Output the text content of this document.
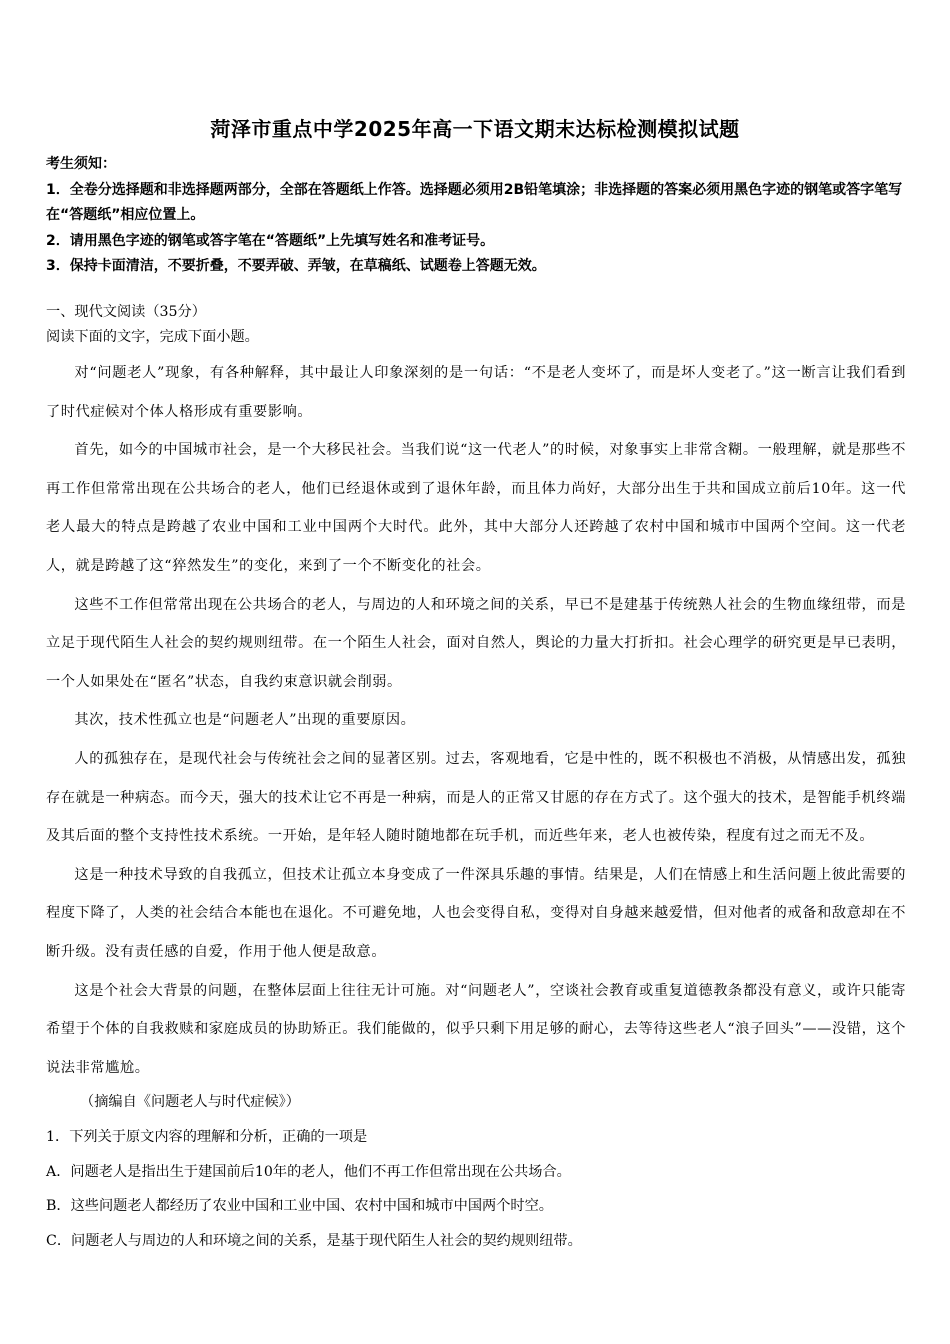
菏泽市重点中学2025年高一下语文期末达标检测模拟试题
考生须知：
1．全卷分选择题和非选择题两部分，全部在答题纸上作答。选择题必须用2B铅笔填涂；非选择题的答案必须用黑色字迹的钢笔或答字笔写在“答题纸”相应位置上。
2．请用黑色字迹的钢笔或答字笔在“答题纸”上先填写姓名和准考证号。
3．保持卡面清洁，不要折叠，不要弄破、弄皱，在草稿纸、试题卷上答题无效。
一、现代文阅读（35分）
阅读下面的文字，完成下面小题。

对“问题老人”现象，有各种解释，其中最让人印象深刻的是一句话：“不是老人变坏了，而是坏人变老了。”这一断言让我们看到了时代症候对个体人格形成有重要影响。

首先，如今的中国城市社会，是一个大移民社会。当我们说“这一代老人”的时候，对象事实上非常含糊。一般理解，就是那些不再工作但常常出现在公共场合的老人，他们已经退休或到了退休年龄，而且体力尚好，大部分出生于共和国成立前后10年。这一代老人最大的特点是跨越了农业中国和工业中国两个大时代。此外，其中大部分人还跨越了农村中国和城市中国两个空间。这一代老人，就是跨越了这“猝然发生”的变化，来到了一个不断变化的社会。

这些不工作但常常出现在公共场合的老人，与周边的人和环境之间的关系，早已不是建基于传统熟人社会的生物血缘纽带，而是立足于现代陌生人社会的契约规则纽带。在一个陌生人社会，面对自然人，舆论的力量大打折扣。社会心理学的研究更是早已表明，一个人如果处在“匿名”状态，自我约束意识就会削弱。

其次，技术性孤立也是“问题老人”出现的重要原因。

人的孤独存在，是现代社会与传统社会之间的显著区别。过去，客观地看，它是中性的，既不积极也不消极，从情感出发，孤独存在就是一种病态。而今天，强大的技术让它不再是一种病，而是人的正常又甘愿的存在方式了。这个强大的技术，是智能手机终端及其后面的整个支持性技术系统。一开始，是年轻人随时随地都在玩手机，而近些年来，老人也被传染，程度有过之而无不及。

这是一种技术导致的自我孤立，但技术让孤立本身变成了一件深具乐趣的事情。结果是，人们在情感上和生活问题上彼此需要的程度下降了，人类的社会结合本能也在退化。不可避免地，人也会变得自私，变得对自身越来越爱惜，但对他者的戒备和敌意却在不断升级。没有责任感的自爱，作用于他人便是敌意。

这是个社会大背景的问题，在整体层面上往往无计可施。对“问题老人”，空谈社会教育或重复道德教条都没有意义，或许只能寄希望于个体的自我救赎和家庭成员的协助矫正。我们能做的，似乎只剩下用足够的耐心，去等待这些老人“浪子回头”——没错，这个说法非常尴尬。

（摘编自《问题老人与时代症候》）
1．下列关于原文内容的理解和分析，正确的一项是
A．问题老人是指出生于建国前后10年的老人，他们不再工作但常出现在公共场合。
B．这些问题老人都经历了农业中国和工业中国、农村中国和城市中国两个时空。
C．问题老人与周边的人和环境之间的关系，是基于现代陌生人社会的契约规则纽带。
